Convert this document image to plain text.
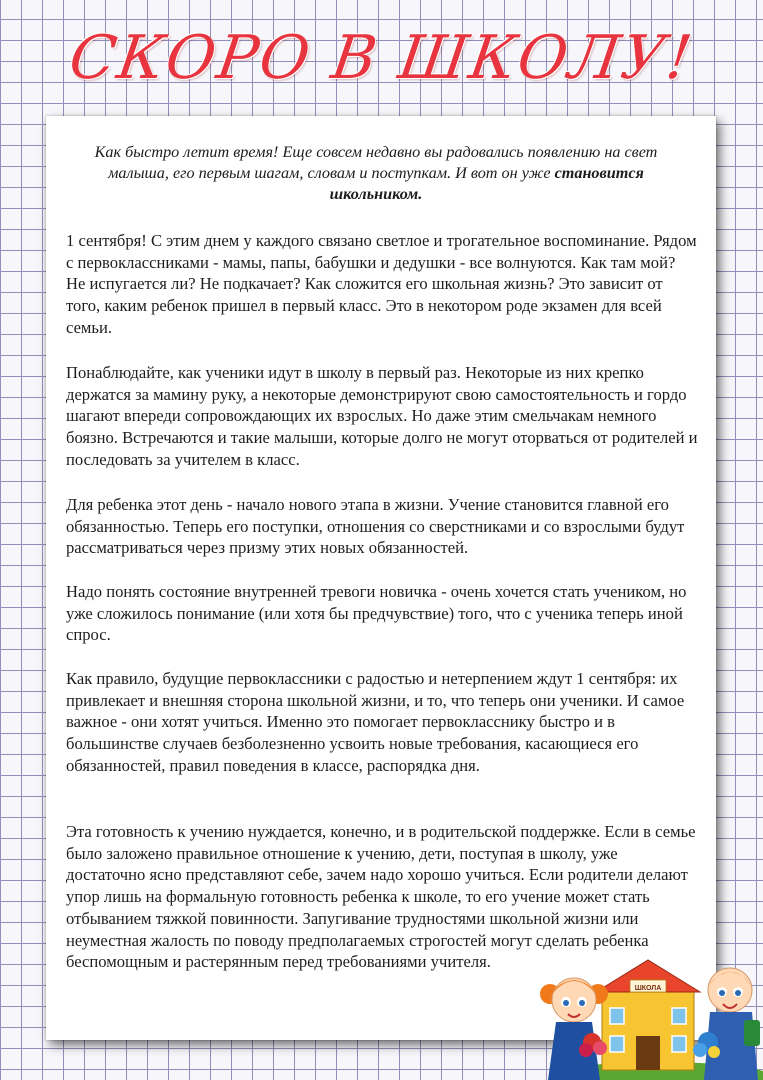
СКОРО В ШКОЛУ!
Как быстро летит время! Еще совсем недавно вы радовались появлению на свет малыша, его первым шагам, словам и поступкам. И вот он уже становится школьником.
1 сентября! С этим днем у каждого связано светлое и трогательное воспоминание. Рядом с первоклассниками - мамы, папы, бабушки и дедушки - все волнуются. Как там мой? Не испугается ли? Не подкачает? Как сложится его школьная жизнь? Это зависит от того, каким ребенок пришел в первый класс. Это в некотором роде экзамен для всей семьи.
Понаблюдайте, как ученики идут в школу в первый раз. Некоторые из них крепко держатся за мамину руку, а некоторые демонстрируют свою самостоятельность и гордо шагают впереди сопровождающих их взрослых. Но даже этим смельчакам немного боязно. Встречаются и такие малыши, которые долго не могут оторваться от родителей и последовать за учителем в класс.
Для ребенка этот день - начало нового этапа в жизни. Учение становится главной его обязанностью. Теперь его поступки, отношения со сверстниками и со взрослыми будут рассматриваться через призму этих новых обязанностей.
Надо понять состояние внутренней тревоги новичка - очень хочется стать учеником, но уже сложилось понимание (или хотя бы предчувствие) того, что с ученика теперь иной спрос.
Как правило, будущие первоклассники с радостью и нетерпением ждут 1 сентября: их привлекает и внешняя сторона школьной жизни, и то, что теперь они ученики. И самое важное - они хотят учиться. Именно это помогает первокласснику быстро и в большинстве случаев безболезненно усвоить новые требования, касающиеся его обязанностей, правил поведения в классе, распорядка дня.
Эта готовность к учению нуждается, конечно, и в родительской поддержке. Если в семье было заложено правильное отношение к учению, дети, поступая в школу, уже достаточно ясно представляют себе, зачем надо хорошо учиться. Если родители делают упор лишь на формальную готовность ребенка к школе, то его учение может стать отбыванием тяжкой повинности. Запугивание трудностями школьной жизни или неуместная жалость по поводу предполагаемых строгостей могут сделать ребенка беспомощным и растерянным перед требованиями учителя.
ШКОЛА
